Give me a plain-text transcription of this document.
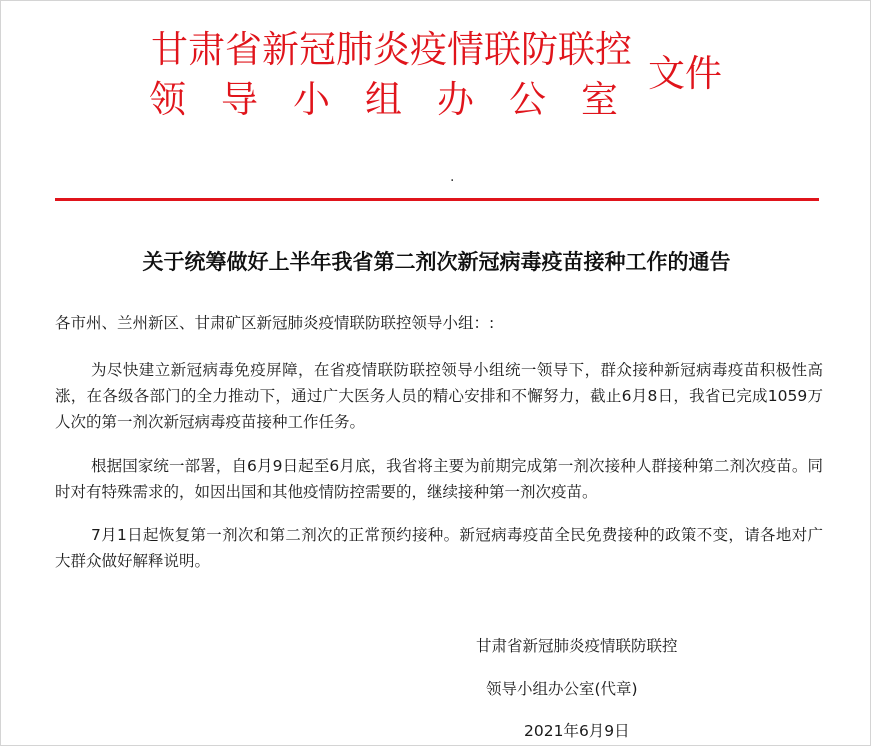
甘肃省新冠肺炎疫情联防联控
领导小组办公室
文件
.
关于统筹做好上半年我省第二剂次新冠病毒疫苗接种工作的通告
各市州、兰州新区、甘肃矿区新冠肺炎疫情联防联控领导小组：:

为尽快建立新冠病毒免疫屏障，在省疫情联防联控领导小组统一领导下，群众接种新冠病毒疫苗积极性高涨，在各级各部门的全力推动下，通过广大医务人员的精心安排和不懈努力，截止6月8日，我省已完成1059万人次的第一剂次新冠病毒疫苗接种工作任务。

根据国家统一部署，自6月9日起至6月底，我省将主要为前期完成第一剂次接种人群接种第二剂次疫苗。同时对有特殊需求的，如因出国和其他疫情防控需要的，继续接种第一剂次疫苗。

7月1日起恢复第一剂次和第二剂次的正常预约接种。新冠病毒疫苗全民免费接种的政策不变，请各地对广大群众做好解释说明。

甘肃省新冠肺炎疫情联防联控
领导小组办公室(代章)
2021年6月9日
